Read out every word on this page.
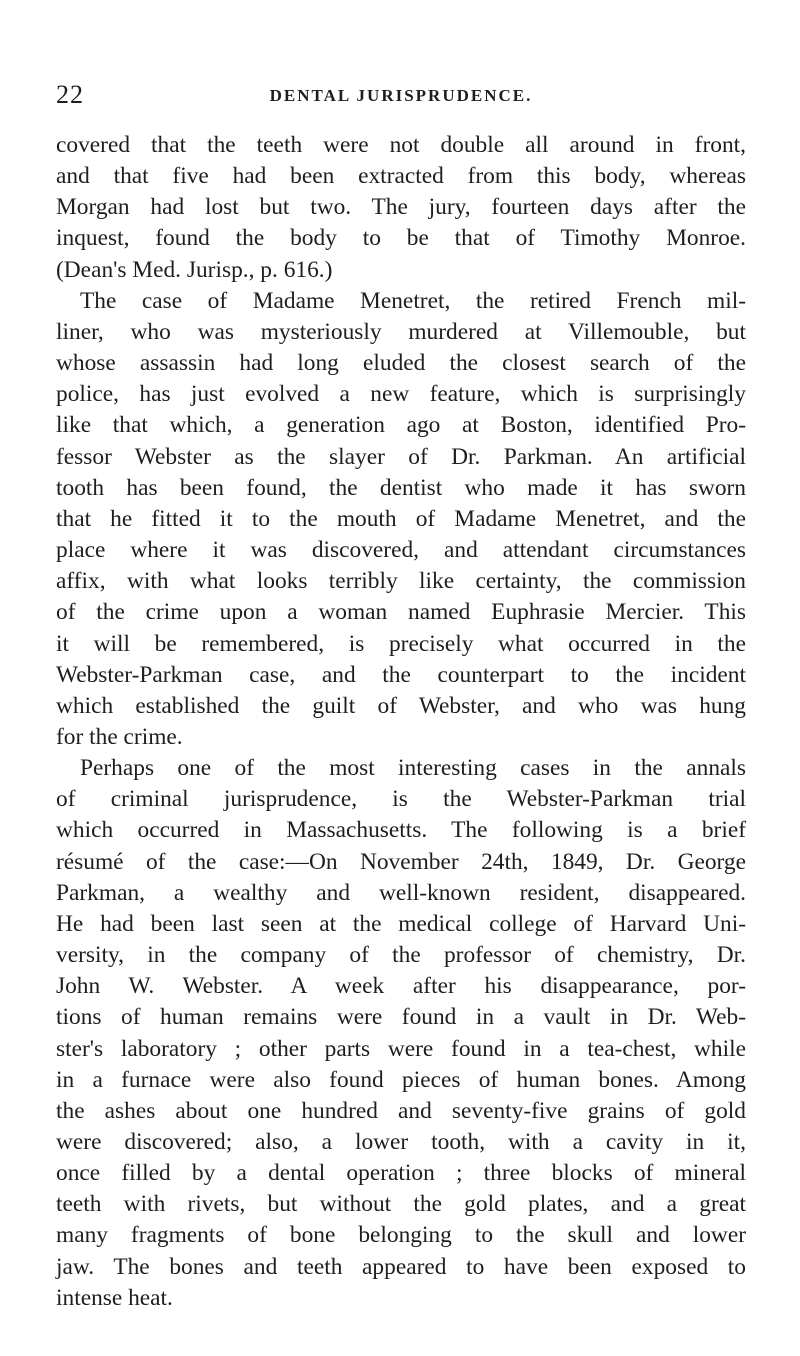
22	DENTAL JURISPRUDENCE.
covered that the teeth were not double all around in front,
and that five had been extracted from this body, whereas
Morgan had lost but two. The jury, fourteen days after the
inquest, found the body to be that of Timothy Monroe.
(Dean's Med. Jurisp., p. 616.)
The case of Madame Menetret, the retired French mil-
liner, who was mysteriously murdered at Villemouble, but
whose assassin had long eluded the closest search of the
police, has just evolved a new feature, which is surprisingly
like that which, a generation ago at Boston, identified Pro-
fessor Webster as the slayer of Dr. Parkman. An artificial
tooth has been found, the dentist who made it has sworn
that he fitted it to the mouth of Madame Menetret, and the
place where it was discovered, and attendant circumstances
affix, with what looks terribly like certainty, the commission
of the crime upon a woman named Euphrasie Mercier. This
it will be remembered, is precisely what occurred in the
Webster-Parkman case, and the counterpart to the incident
which established the guilt of Webster, and who was hung
for the crime.
Perhaps one of the most interesting cases in the annals
of criminal jurisprudence, is the Webster-Parkman trial
which occurred in Massachusetts. The following is a brief
résumé of the case:—On November 24th, 1849, Dr. George
Parkman, a wealthy and well-known resident, disappeared.
He had been last seen at the medical college of Harvard Uni-
versity, in the company of the professor of chemistry, Dr.
John W. Webster. A week after his disappearance, por-
tions of human remains were found in a vault in Dr. Web-
ster's laboratory ; other parts were found in a tea-chest, while
in a furnace were also found pieces of human bones. Among
the ashes about one hundred and seventy-five grains of gold
were discovered; also, a lower tooth, with a cavity in it,
once filled by a dental operation ; three blocks of mineral
teeth with rivets, but without the gold plates, and a great
many fragments of bone belonging to the skull and lower
jaw. The bones and teeth appeared to have been exposed to
intense heat.
